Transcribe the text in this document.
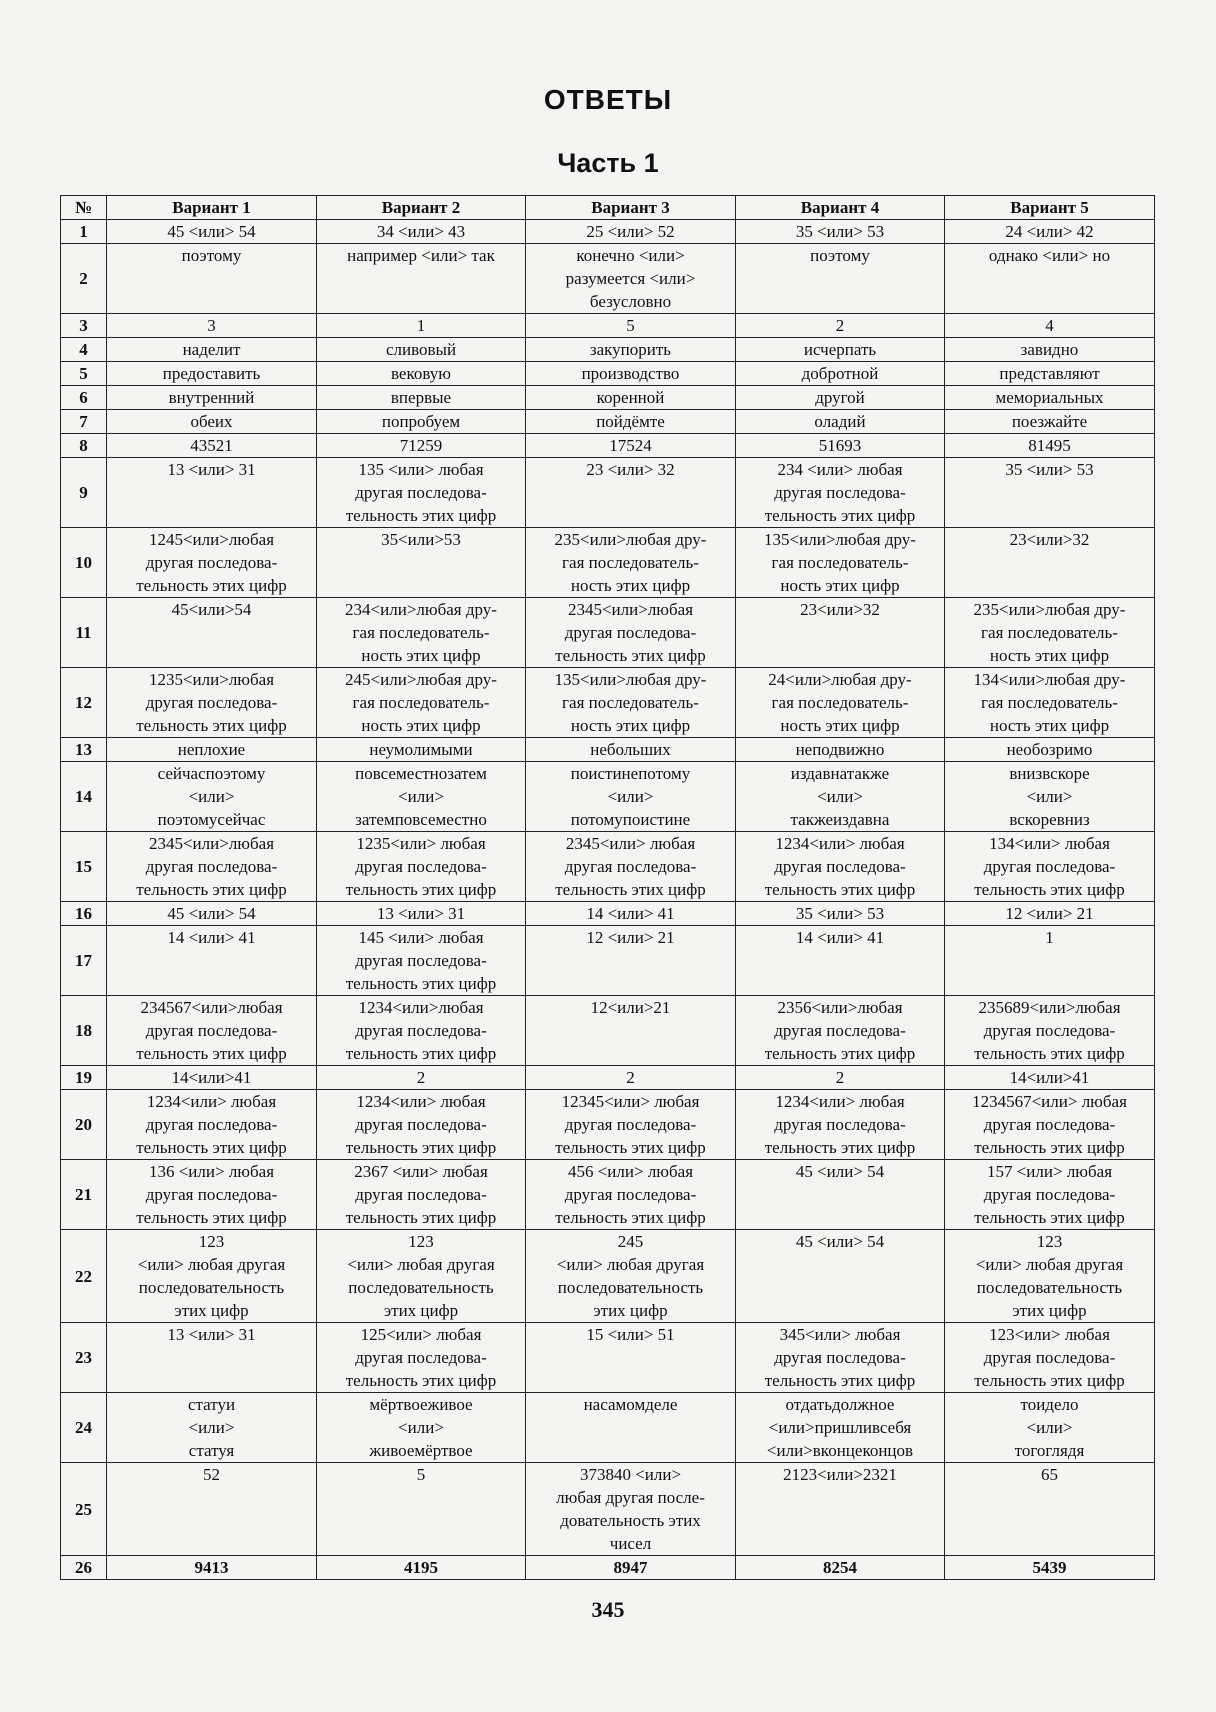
ОТВЕТЫ
Часть 1
№	Вариант 1	Вариант 2	Вариант 3	Вариант 4	Вариант 5
1	45 <или> 54	34 <или> 43	25 <или> 52	35 <или> 53	24 <или> 42
2	поэтому	например <или> так	конечно <или>
разумеется <или>
безусловно	поэтому	однако <или> но
3	3	1	5	2	4
4	наделит	сливовый	закупорить	исчерпать	завидно
5	предоставить	вековую	производство	добротной	представляют
6	внутренний	впервые	коренной	другой	мемориальных
7	обеих	попробуем	пойдёмте	оладий	поезжайте
8	43521	71259	17524	51693	81495
9	13 <или> 31	135 <или> любая
другая последова-
тельность этих цифр	23 <или> 32	234 <или> любая
другая последова-
тельность этих цифр	35 <или> 53
10	1245<или>любая
другая последова-
тельность этих цифр	35<или>53	235<или>любая дру-
гая последователь-
ность этих цифр	135<или>любая дру-
гая последователь-
ность этих цифр	23<или>32
11	45<или>54	234<или>любая дру-
гая последователь-
ность этих цифр	2345<или>любая
другая последова-
тельность этих цифр	23<или>32	235<или>любая дру-
гая последователь-
ность этих цифр
12	1235<или>любая
другая последова-
тельность этих цифр	245<или>любая дру-
гая последователь-
ность этих цифр	135<или>любая дру-
гая последователь-
ность этих цифр	24<или>любая дру-
гая последователь-
ность этих цифр	134<или>любая дру-
гая последователь-
ность этих цифр
13	неплохие	неумолимыми	небольших	неподвижно	необозримо
14	сейчаспоэтому
<или>
поэтомусейчас	повсеместнозатем
<или>
затемповсеместно	поистинепотому
<или>
потомупоистине	издавнатакже
<или>
такжеиздавна	внизвскоре
<или>
вскоревниз
15	2345<или>любая
другая последова-
тельность этих цифр	1235<или> любая
другая последова-
тельность этих цифр	2345<или> любая
другая последова-
тельность этих цифр	1234<или> любая
другая последова-
тельность этих цифр	134<или> любая
другая последова-
тельность этих цифр
16	45 <или> 54	13 <или> 31	14 <или> 41	35 <или> 53	12 <или> 21
17	14 <или> 41	145 <или> любая
другая последова-
тельность этих цифр	12 <или> 21	14 <или> 41	1
18	234567<или>любая
другая последова-
тельность этих цифр	1234<или>любая
другая последова-
тельность этих цифр	12<или>21	2356<или>любая
другая последова-
тельность этих цифр	235689<или>любая
другая последова-
тельность этих цифр
19	14<или>41	2	2	2	14<или>41
20	1234<или> любая
другая последова-
тельность этих цифр	1234<или> любая
другая последова-
тельность этих цифр	12345<или> любая
другая последова-
тельность этих цифр	1234<или> любая
другая последова-
тельность этих цифр	1234567<или> любая
другая последова-
тельность этих цифр
21	136 <или> любая
другая последова-
тельность этих цифр	2367 <или> любая
другая последова-
тельность этих цифр	456 <или> любая
другая последова-
тельность этих цифр	45 <или> 54	157 <или> любая
другая последова-
тельность этих цифр
22	123
<или> любая другая
последовательность
этих цифр	123
<или> любая другая
последовательность
этих цифр	245
<или> любая другая
последовательность
этих цифр	45 <или> 54	123
<или> любая другая
последовательность
этих цифр
23	13 <или> 31	125<или> любая
другая последова-
тельность этих цифр	15 <или> 51	345<или> любая
другая последова-
тельность этих цифр	123<или> любая
другая последова-
тельность этих цифр
24	статуи
<или>
статуя	мёртвоеживое
<или>
живоемёртвое	насамомделе	отдатьдолжное
<или>пришливсебя
<или>вконцеконцов	тоидело
<или>
тогоглядя
25	52	5	373840 <или>
любая другая после-
довательность этих
чисел	2123<или>2321	65
26	9413	4195	8947	8254	5439
345
